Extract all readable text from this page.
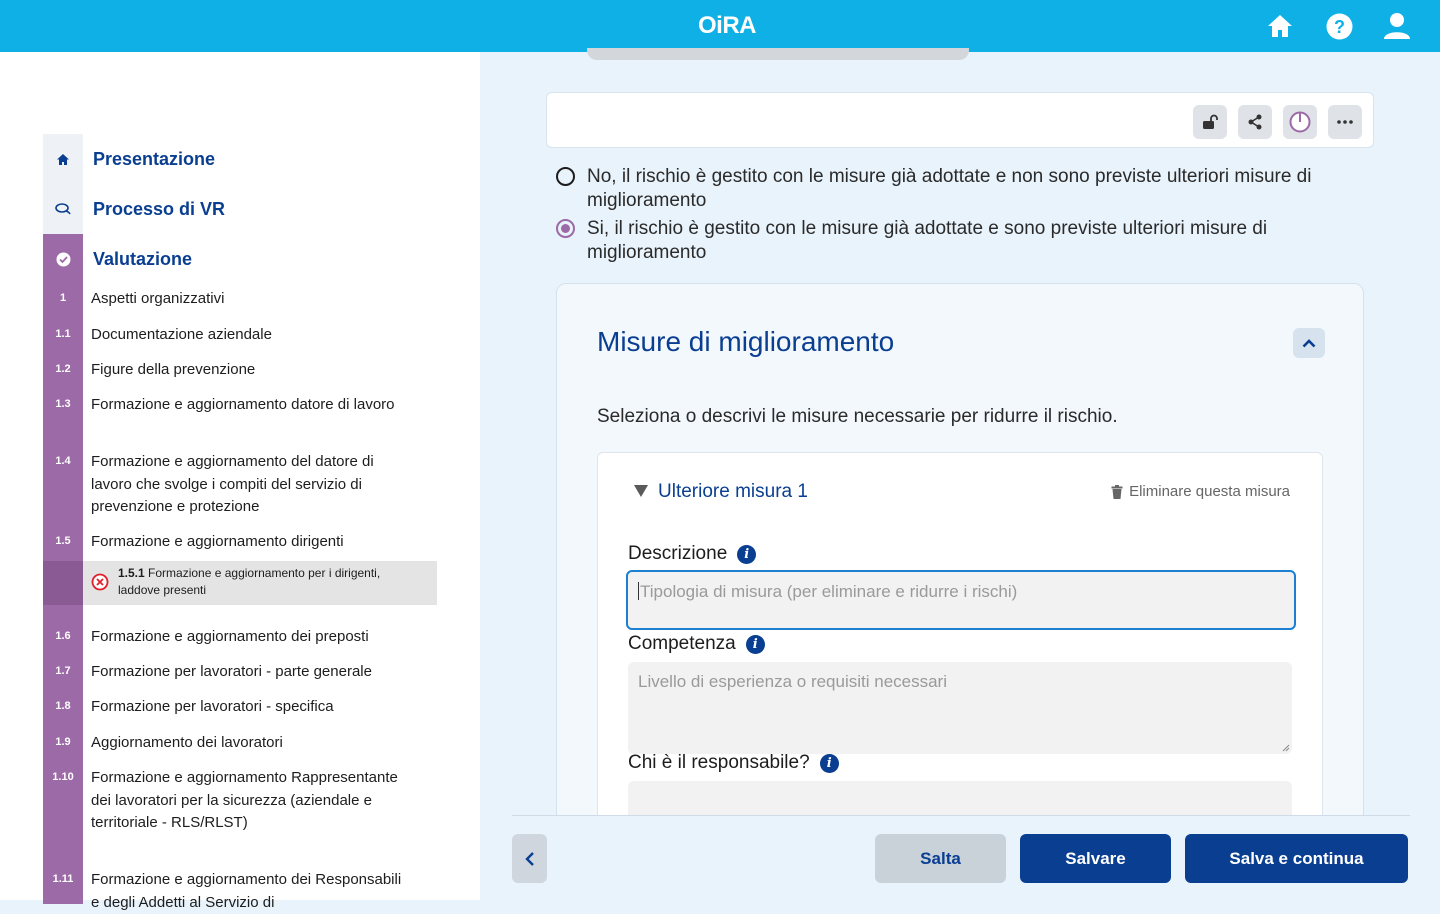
OiRA	?
Presentazione
Processo di VR
Valutazione
1	Aspetti organizzativi
1.1	Documentazione aziendale
1.2	Figure della prevenzione
1.3	Formazione e aggiornamento datore di lavoro
1.4	Formazione e aggiornamento del datore di lavoro che svolge i compiti del servizio di prevenzione e protezione
1.5	Formazione e aggiornamento dirigenti
1.5.1 Formazione e aggiornamento per i dirigenti, laddove presenti
1.6	Formazione e aggiornamento dei preposti
1.7	Formazione per lavoratori - parte generale
1.8	Formazione per lavoratori - specifica
1.9	Aggiornamento dei lavoratori
1.10	Formazione e aggiornamento Rappresentante dei lavoratori per la sicurezza (aziendale e territoriale - RLS/RLST)
1.11	Formazione e aggiornamento dei Responsabili e degli Addetti al Servizio di
No, il rischio è gestito con le misure già adottate e non sono previste ulteriori misure di miglioramento
Si, il rischio è gestito con le misure già adottate e sono previste ulteriori misure di miglioramento
Misure di miglioramento
Seleziona o descrivi le misure necessarie per ridurre il rischio.
Ulteriore misura 1	Eliminare questa misura
Descrizione	i
Tipologia di misura (per eliminare e ridurre i rischi)
Competenza	i
Livello di esperienza o requisiti necessari
Chi è il responsabile?	i
Salta	Salvare	Salva e continua
